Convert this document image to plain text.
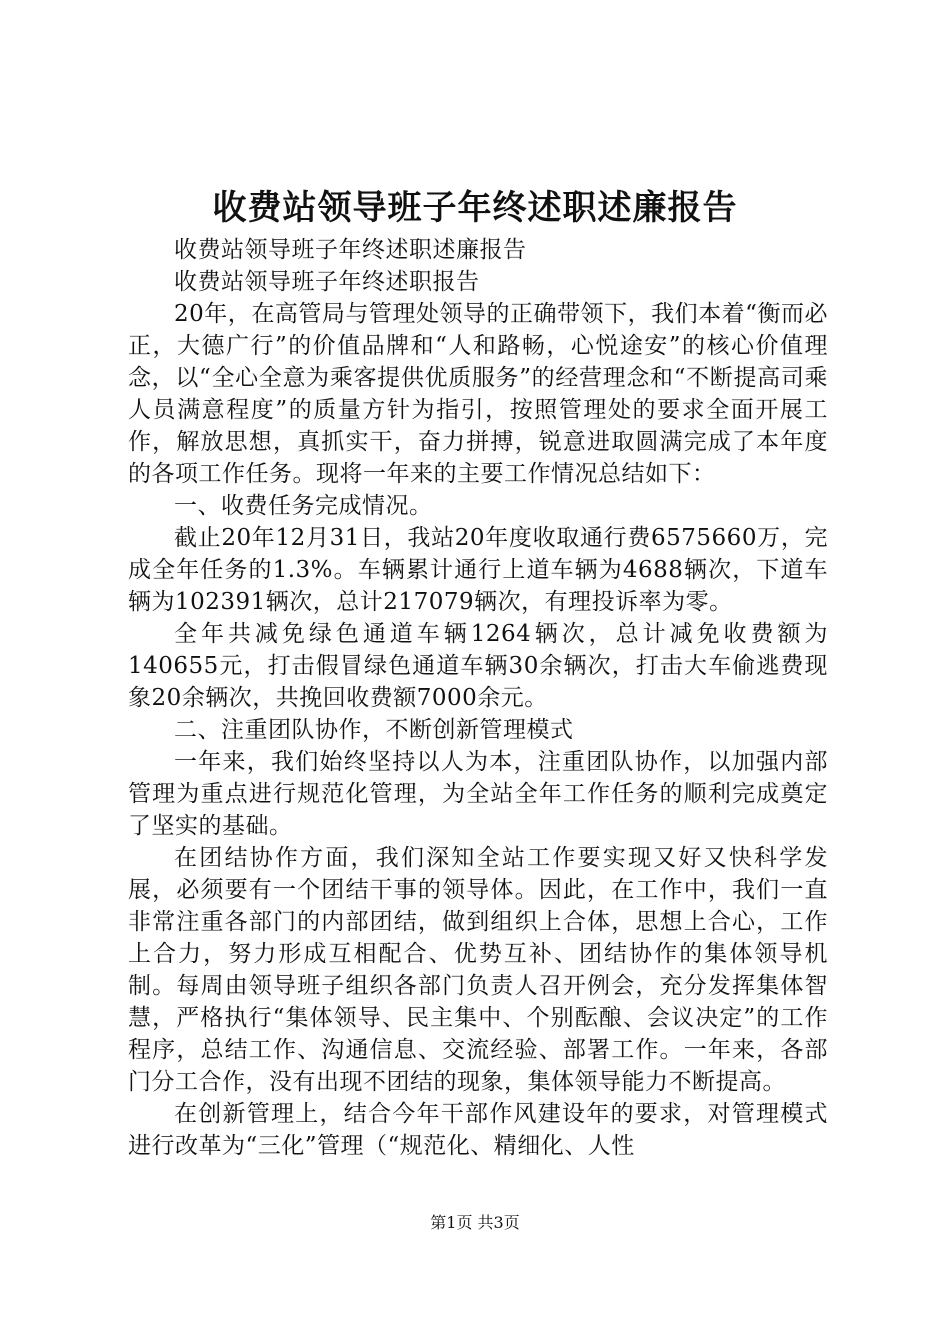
收费站领导班子年终述职述廉报告

收费站领导班子年终述职述廉报告

收费站领导班子年终述职报告

20年，在高管局与管理处领导的正确带领下，我们本着“衡而必正，大德广行”的价值品牌和“人和路畅，心悦途安”的核心价值理念，以“全心全意为乘客提供优质服务”的经营理念和“不断提高司乘人员满意程度”的质量方针为指引，按照管理处的要求全面开展工作，解放思想，真抓实干，奋力拼搏，锐意进取圆满完成了本年度的各项工作任务。现将一年来的主要工作情况总结如下：

一、收费任务完成情况。

截止20年12月31日，我站20年度收取通行费6575660万，完成全年任务的1.3%。车辆累计通行上道车辆为4688辆次，下道车辆为102391辆次，总计217079辆次，有理投诉率为零。

全年共减免绿色通道车辆1264辆次，总计减免收费额为140655元，打击假冒绿色通道车辆30余辆次，打击大车偷逃费现象20余辆次，共挽回收费额7000余元。

二、注重团队协作，不断创新管理模式

一年来，我们始终坚持以人为本，注重团队协作，以加强内部管理为重点进行规范化管理，为全站全年工作任务的顺利完成奠定了坚实的基础。

在团结协作方面，我们深知全站工作要实现又好又快科学发展，必须要有一个团结干事的领导体。因此，在工作中，我们一直非常注重各部门的内部团结，做到组织上合体，思想上合心，工作上合力，努力形成互相配合、优势互补、团结协作的集体领导机制。每周由领导班子组织各部门负责人召开例会，充分发挥集体智慧，严格执行“集体领导、民主集中、个别酝酿、会议决定”的工作程序，总结工作、沟通信息、交流经验、部署工作。一年来，各部门分工合作，没有出现不团结的现象，集体领导能力不断提高。

在创新管理上，结合今年干部作风建设年的要求，对管理模式进行改革为“三化”管理（“规范化、精细化、人性

第1页 共3页
